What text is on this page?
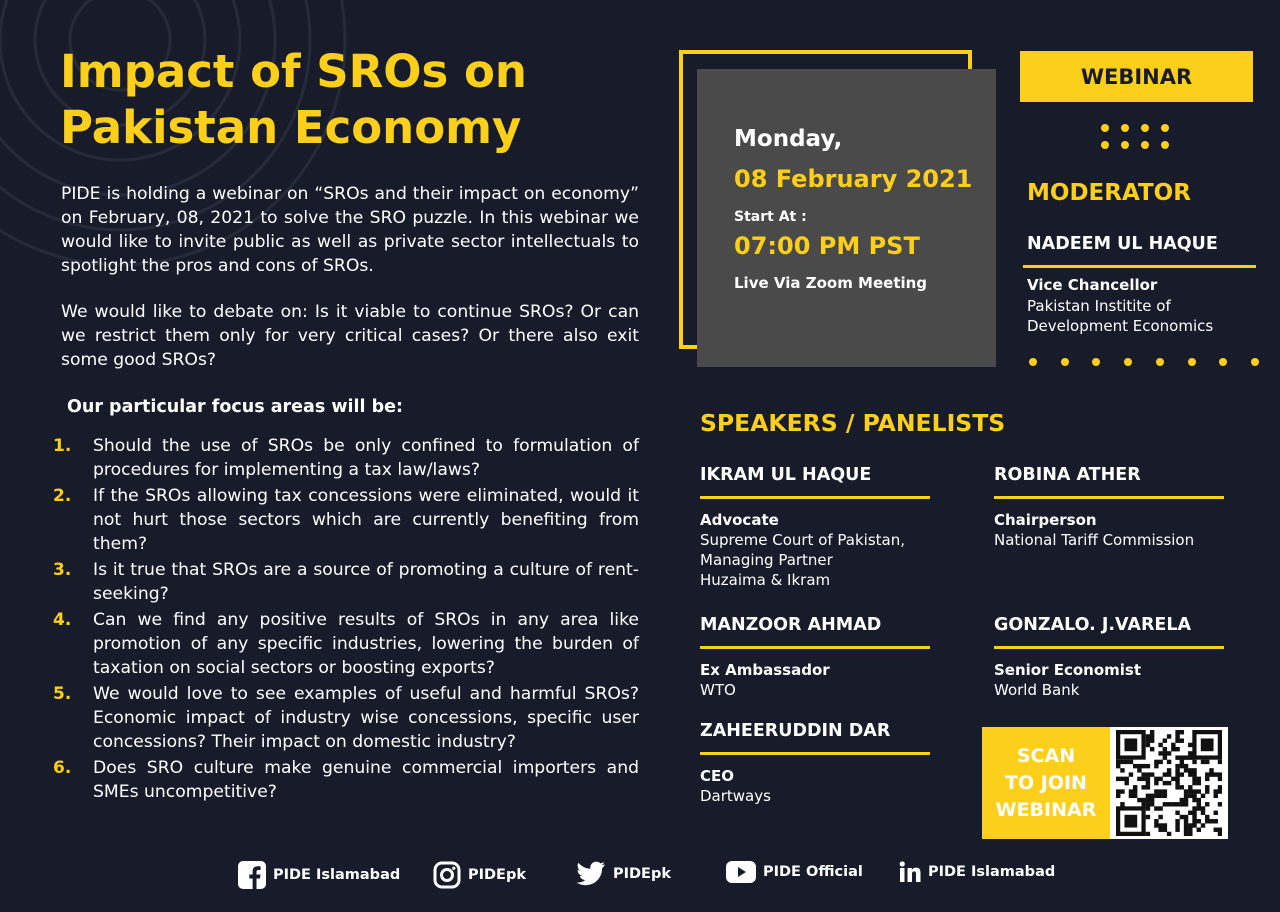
Impact of SROs on
Pakistan Economy

PIDE is holding a webinar on “SROs and their impact on economy” on February, 08, 2021 to solve the SRO puzzle. In this webinar we would like to invite public as well as private sector intellectuals to spotlight the pros and cons of SROs.

We would like to debate on: Is it viable to continue SROs? Or can we restrict them only for very critical cases? Or there also exit some good SROs?

Our particular focus areas will be:

1. Should the use of SROs be only confined to formulation of procedures for implementing a tax law/laws?
2. If the SROs allowing tax concessions were eliminated, would it not hurt those sectors which are currently benefiting from them?
3. Is it true that SROs are a source of promoting a culture of rent-seeking?
4. Can we find any positive results of SROs in any area like promotion of any specific industries, lowering the burden of taxation on social sectors or boosting exports?
5. We would love to see examples of useful and harmful SROs? Economic impact of industry wise concessions, specific user concessions? Their impact on domestic industry?
6. Does SRO culture make genuine commercial importers and SMEs uncompetitive?
Monday,
08 February 2021
Start At :
07:00 PM PST
Live Via Zoom Meeting
WEBINAR
MODERATOR
NADEEM UL HAQUE
Vice Chancellor
Pakistan Institite of Development Economics
SPEAKERS / PANELISTS
IKRAM UL HAQUE
Advocate
Supreme Court of Pakistan,
Managing Partner
Huzaima & Ikram
ROBINA ATHER
Chairperson
National Tariff Commission
MANZOOR AHMAD
Ex Ambassador
WTO
GONZALO. J.VARELA
Senior Economist
World Bank
ZAHEERUDDIN DAR
CEO
Dartways
SCAN
TO JOIN
WEBINAR
PIDE Islamabad	PIDEpk	PIDEpk	PIDE Official	PIDE Islamabad
